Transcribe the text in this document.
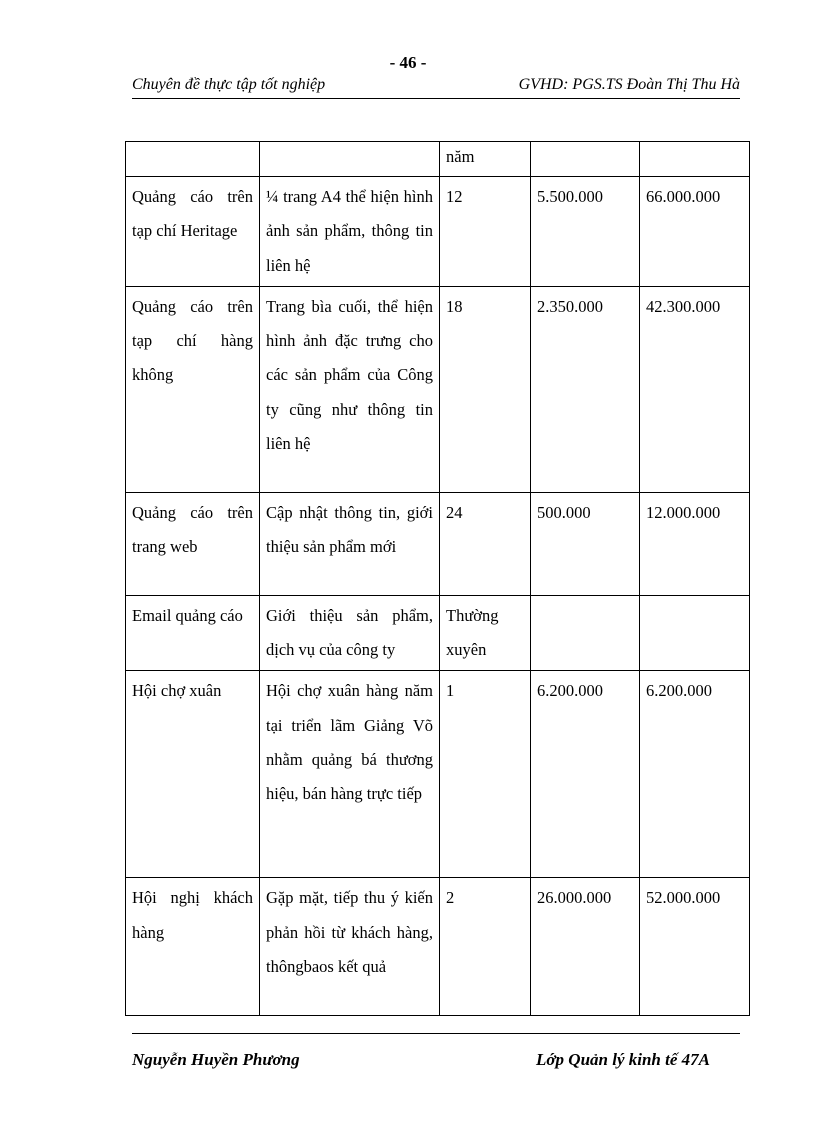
- 46 -
Chuyên đề thực tập tốt nghiệp	GVHD: PGS.TS Đoàn Thị Thu Hà
		năm		
Quảng cáo trên tạp chí Heritage	¼ trang A4 thể hiện hình ảnh sản phẩm, thông tin liên hệ	12	5.500.000	66.000.000
Quảng cáo trên tạp chí hàng không	Trang bìa cuối, thể hiện hình ảnh đặc trưng cho các sản phẩm của Công ty cũng như thông tin liên hệ	18	2.350.000	42.300.000
Quảng cáo trên trang web	Cập nhật thông tin, giới thiệu sản phẩm mới	24	500.000	12.000.000
Email quảng cáo	Giới thiệu sản phẩm, dịch vụ của công ty	Thường xuyên		
Hội chợ xuân	Hội chợ xuân hàng năm tại triển lãm Giảng Võ nhằm quảng bá thương hiệu, bán hàng trực tiếp	1	6.200.000	6.200.000
Hội nghị khách hàng	Gặp mặt, tiếp thu ý kiến phản hồi từ khách hàng, thôngbaos kết quả	2	26.000.000	52.000.000
Nguyễn Huyền Phương	Lớp Quản lý kinh tế 47A
